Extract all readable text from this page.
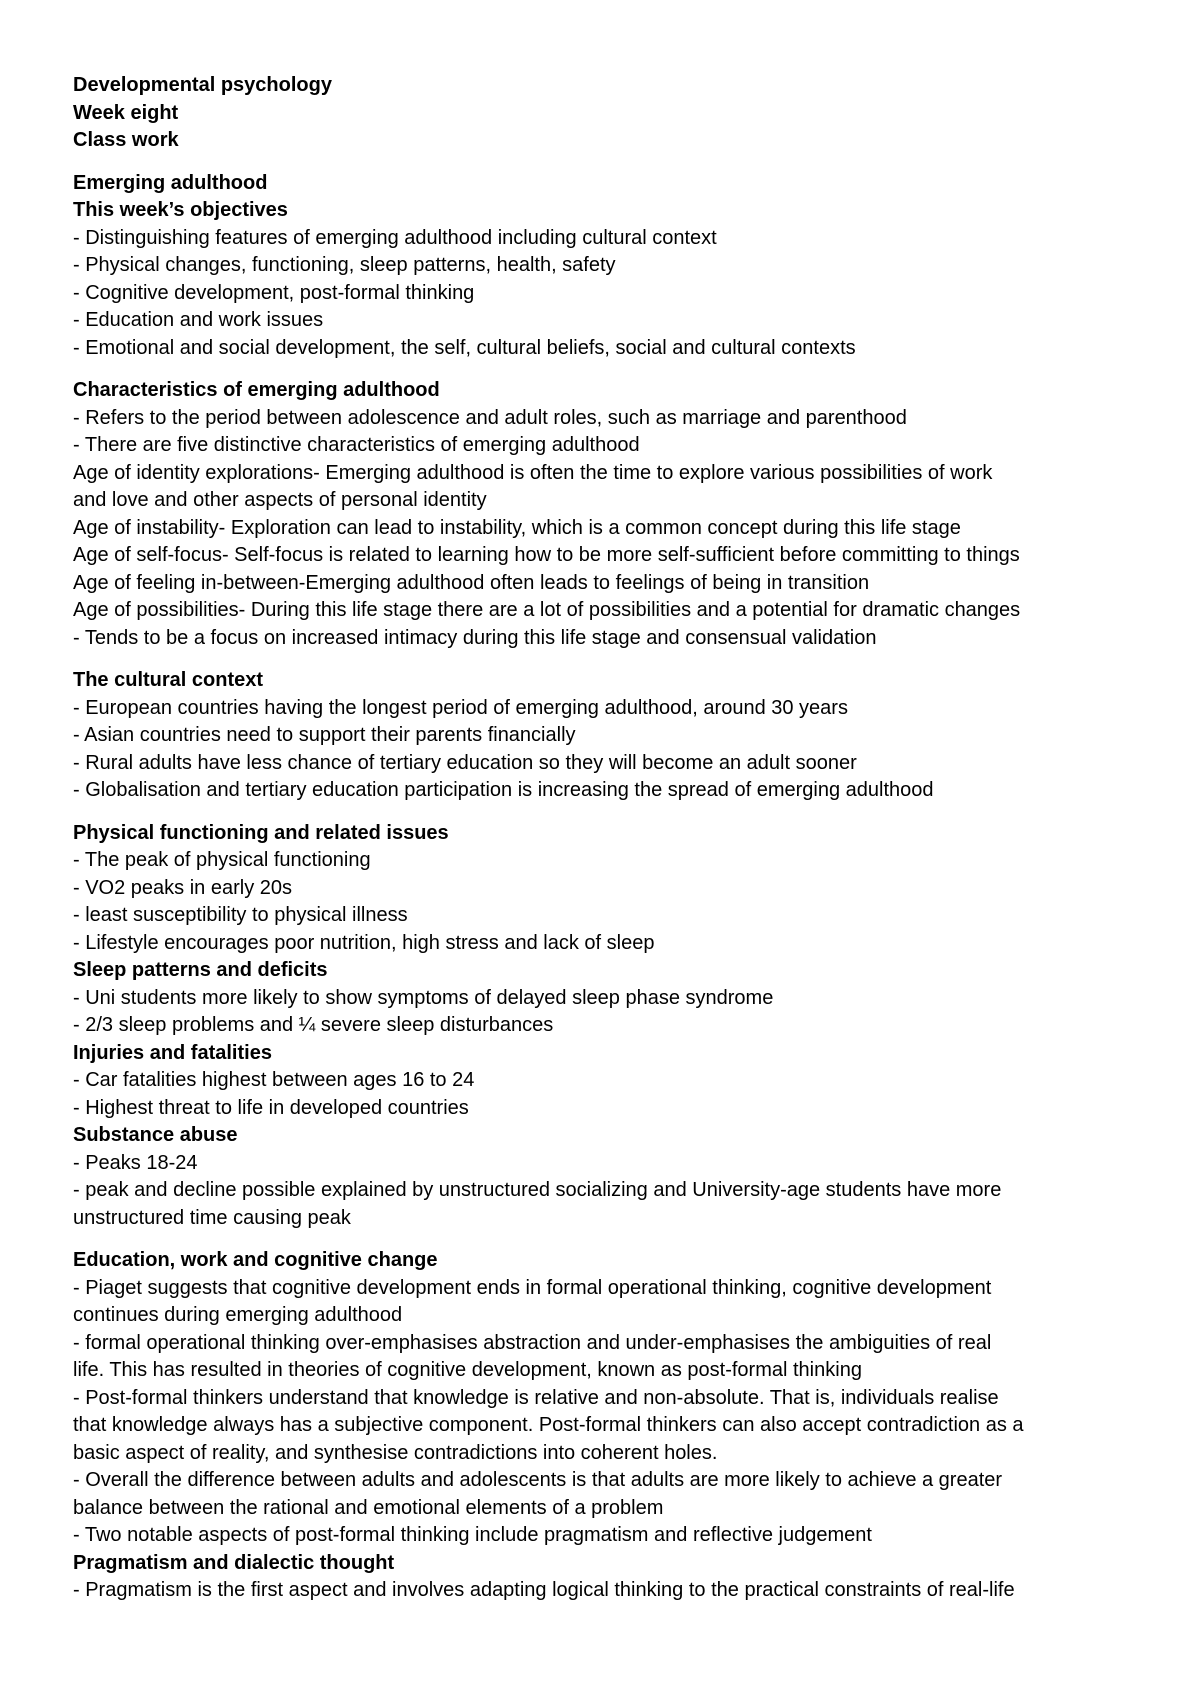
Developmental psychology
Week eight
Class work
Emerging adulthood
This week’s objectives
- Distinguishing features of emerging adulthood including cultural context
- Physical changes, functioning, sleep patterns, health, safety
- Cognitive development, post-formal thinking
- Education and work issues
- Emotional and social development, the self, cultural beliefs, social and cultural contexts
Characteristics of emerging adulthood
- Refers to the period between adolescence and adult roles, such as marriage and parenthood
- There are five distinctive characteristics of emerging adulthood
Age of identity explorations- Emerging adulthood is often the time to explore various possibilities of work
and love and other aspects of personal identity
Age of instability- Exploration can lead to instability, which is a common concept during this life stage
Age of self-focus- Self-focus is related to learning how to be more self-sufficient before committing to things
Age of feeling in-between-Emerging adulthood often leads to feelings of being in transition
Age of possibilities- During this life stage there are a lot of possibilities and a potential for dramatic changes
- Tends to be a focus on increased intimacy during this life stage and consensual validation
The cultural context
- European countries having the longest period of emerging adulthood, around 30 years
- Asian countries need to support their parents financially
- Rural adults have less chance of tertiary education so they will become an adult sooner
- Globalisation and tertiary education participation is increasing the spread of emerging adulthood
Physical functioning and related issues
- The peak of physical functioning
- VO2 peaks in early 20s
- least susceptibility to physical illness
- Lifestyle encourages poor nutrition, high stress and lack of sleep
Sleep patterns and deficits
- Uni students more likely to show symptoms of delayed sleep phase syndrome
- 2/3 sleep problems and ¼ severe sleep disturbances
Injuries and fatalities
- Car fatalities highest between ages 16 to 24
- Highest threat to life in developed countries
Substance abuse
- Peaks 18-24
- peak and decline possible explained by unstructured socializing and University-age students have more
unstructured time causing peak
Education, work and cognitive change
- Piaget suggests that cognitive development ends in formal operational thinking, cognitive development
continues during emerging adulthood
- formal operational thinking over-emphasises abstraction and under-emphasises the ambiguities of real
life. This has resulted in theories of cognitive development, known as post-formal thinking
- Post-formal thinkers understand that knowledge is relative and non-absolute. That is, individuals realise
that knowledge always has a subjective component. Post-formal thinkers can also accept contradiction as a
basic aspect of reality, and synthesise contradictions into coherent holes.
- Overall the difference between adults and adolescents is that adults are more likely to achieve a greater
balance between the rational and emotional elements of a problem
- Two notable aspects of post-formal thinking include pragmatism and reflective judgement
Pragmatism and dialectic thought
- Pragmatism is the first aspect and involves adapting logical thinking to the practical constraints of real-life
